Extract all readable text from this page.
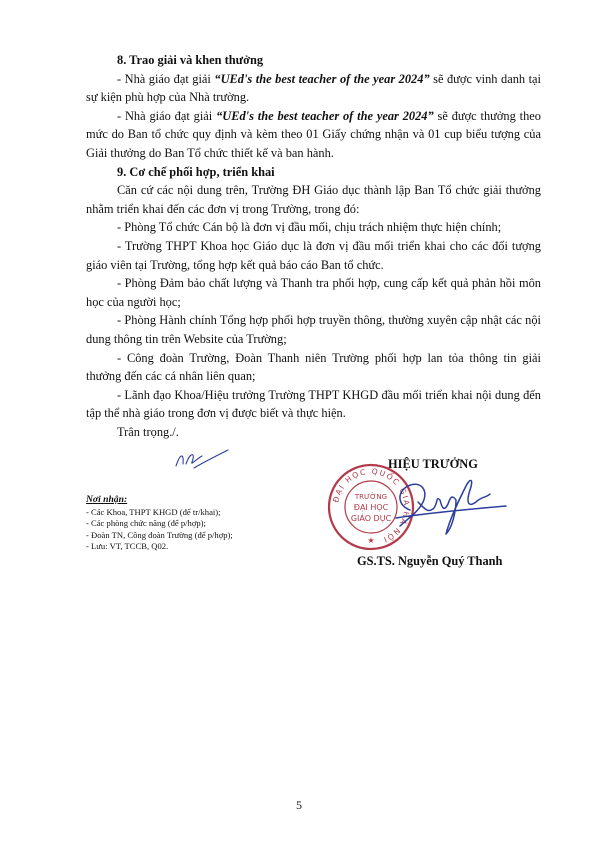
8. Trao giải và khen thưởng

- Nhà giáo đạt giải “UEd's the best teacher of the year 2024” sẽ được vinh danh tại sự kiện phù hợp của Nhà trường.

- Nhà giáo đạt giải “UEd's the best teacher of the year 2024” sẽ được thưởng theo mức do Ban tổ chức quy định và kèm theo 01 Giấy chứng nhận và 01 cup biểu tượng của Giải thưởng do Ban Tổ chức thiết kế và ban hành.

9. Cơ chế phối hợp, triển khai

Căn cứ các nội dung trên, Trường ĐH Giáo dục thành lập Ban Tổ chức giải thưởng nhằm triển khai đến các đơn vị trong Trường, trong đó:

- Phòng Tổ chức Cán bộ là đơn vị đầu mối, chịu trách nhiệm thực hiện chính;

- Trường THPT Khoa học Giáo dục là đơn vị đầu mối triển khai cho các đối tượng giáo viên tại Trường, tổng hợp kết quả báo cáo Ban tổ chức.

- Phòng Đảm bảo chất lượng và Thanh tra phối hợp, cung cấp kết quả phản hồi môn học của người học;

- Phòng Hành chính Tổng hợp phối hợp truyền thông, thường xuyên cập nhật các nội dung thông tin trên Website của Trường;

- Công đoàn Trường, Đoàn Thanh niên Trường phối hợp lan tỏa thông tin giải thưởng đến các cá nhân liên quan;

- Lãnh đạo Khoa/Hiệu trưởng Trường THPT KHGD đầu mối triển khai nội dung đến tập thể nhà giáo trong đơn vị được biết và thực hiện.

Trân trọng./.

Nơi nhận:
- Các Khoa, THPT KHGD (để tr/khai);
- Các phòng chức năng (để p/hợp);
- Đoàn TN, Công đoàn Trường (để p/hợp);
- Lưu: VT, TCCB, Q02.
ĐẠI HỌC QUỐC GIA HÀ NỘI
TRƯỜNG
ĐẠI HỌC
GIÁO DỤC
★
HIỆU TRƯỞNG
GS.TS. Nguyễn Quý Thanh
5
